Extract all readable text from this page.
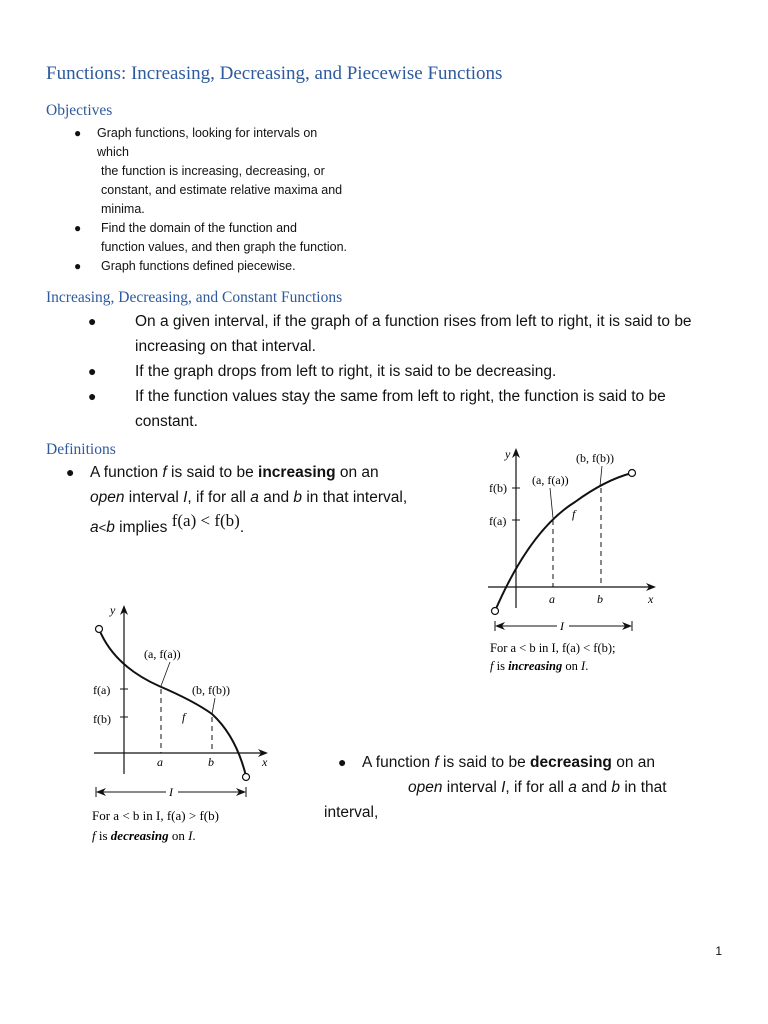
Functions: Increasing, Decreasing, and Piecewise Functions
Objectives
● Graph functions, looking for intervals on
which
the function is increasing, decreasing, or
constant, and estimate relative maxima and
minima.
● Find the domain of the function and
function values, and then graph the function.
● Graph functions defined piecewise.
Increasing, Decreasing, and Constant Functions
● On a given interval, if the graph of a function rises from left to right, it is said to be
increasing on that interval.
● If the graph drops from left to right, it is said to be decreasing.
● If the function values stay the same from left to right, the function is said to be
constant.
Definitions
● A function f is said to be increasing on an
open interval I, if for all a and b in that interval,
a<b implies f(a) < f(b).
● A function f is said to be decreasing on an
open interval I, if for all a and b in that
interval,
y
x
f(b)
f(a)
(a, f(a))
(b, f(b))
f
a	b
I
For a < b in I, f(a) < f(b);
f is increasing on I.
y
x
f(a)
f(b)
(a, f(a))
(b, f(b))
f
a	b
I
For a < b in I, f(a) > f(b)
f is decreasing on I.
1
